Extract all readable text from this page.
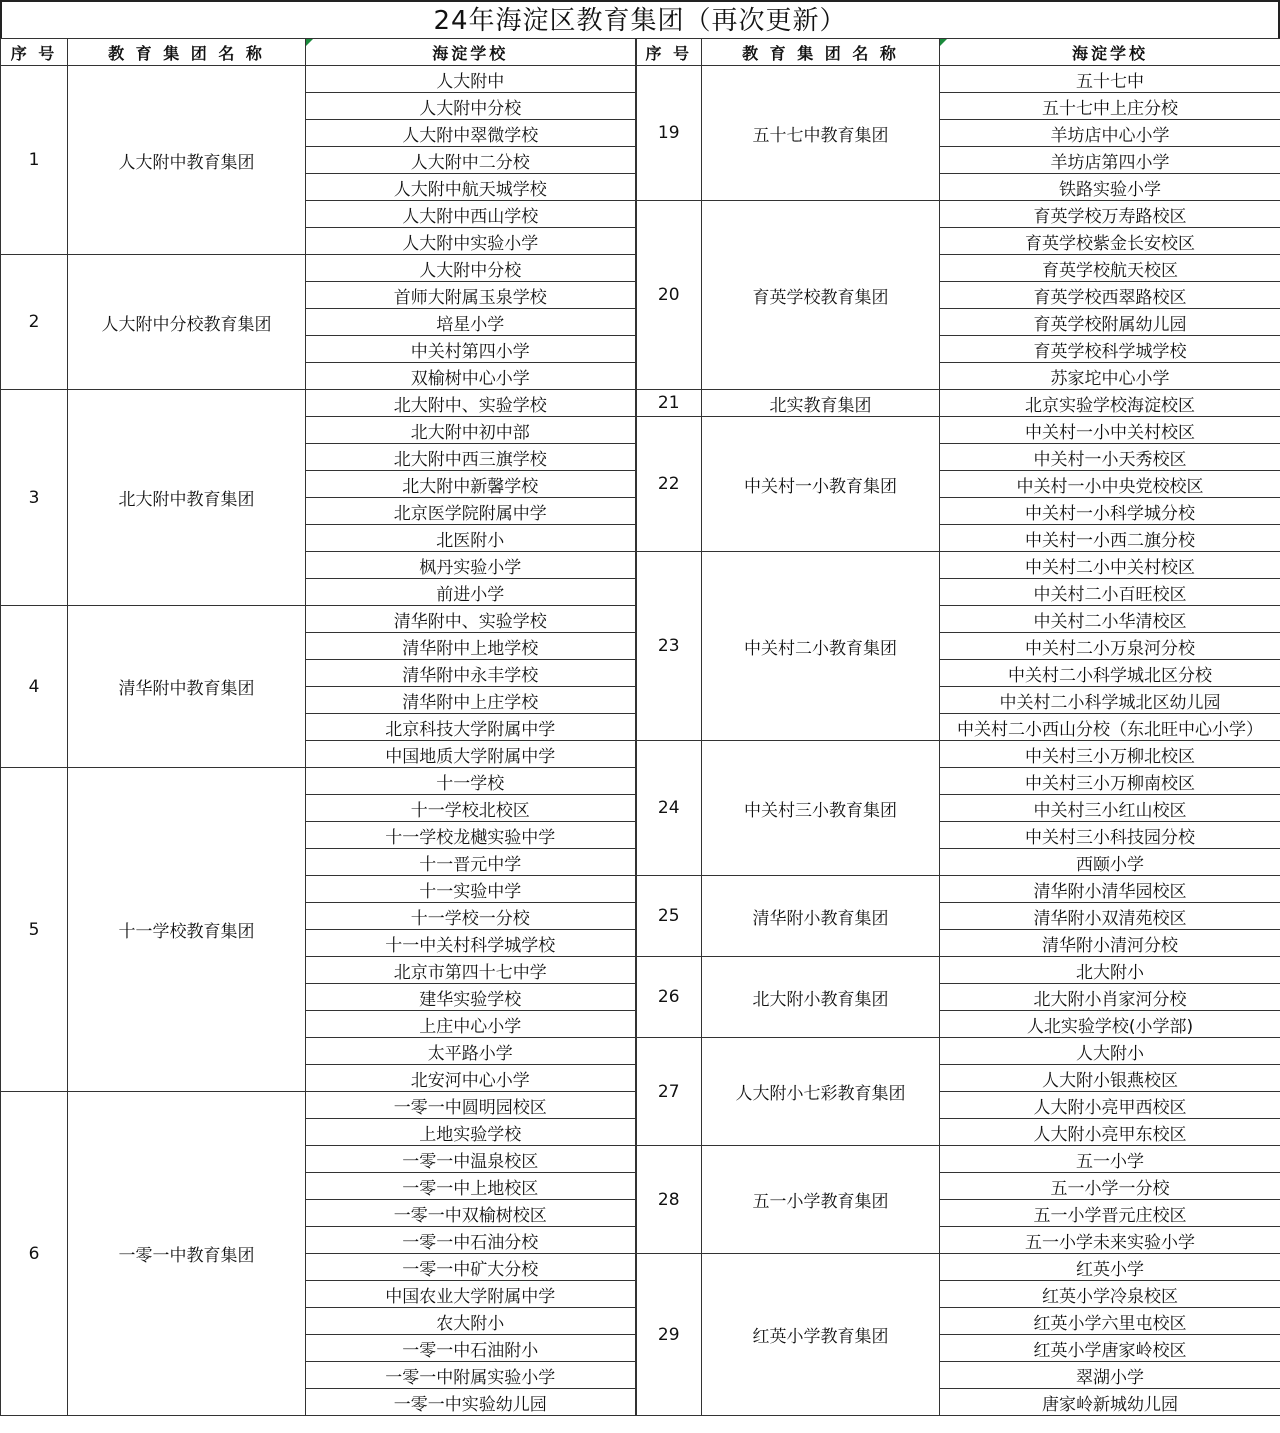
24年海淀区教育集团（再次更新）
序 号	教 育 集 团 名 称	海淀学校	序 号	教 育 集 团 名 称	海淀学校
1	人大附中教育集团	人大附中	19	五十七中教育集团	五十七中
		人大附中分校			五十七中上庄分校
		人大附中翠微学校			羊坊店中心小学
		人大附中二分校			羊坊店第四小学
		人大附中航天城学校			铁路实验小学
		人大附中西山学校	20	育英学校教育集团	育英学校万寿路校区
		人大附中实验小学			育英学校紫金长安校区
2	人大附中分校教育集团	人大附中分校			育英学校航天校区
		首师大附属玉泉学校			育英学校西翠路校区
		培星小学			育英学校附属幼儿园
		中关村第四小学			育英学校科学城学校
		双榆树中心小学			苏家坨中心小学
3	北大附中教育集团	北大附中、实验学校	21	北实教育集团	北京实验学校海淀校区
		北大附中初中部	22	中关村一小教育集团	中关村一小中关村校区
		北大附中西三旗学校			中关村一小天秀校区
		北大附中新馨学校			中关村一小中央党校校区
		北京医学院附属中学			中关村一小科学城分校
		北医附小			中关村一小西二旗分校
		枫丹实验小学	23	中关村二小教育集团	中关村二小中关村校区
		前进小学			中关村二小百旺校区
4	清华附中教育集团	清华附中、实验学校			中关村二小华清校区
		清华附中上地学校			中关村二小万泉河分校
		清华附中永丰学校			中关村二小科学城北区分校
		清华附中上庄学校			中关村二小科学城北区幼儿园
		北京科技大学附属中学			中关村二小西山分校（东北旺中心小学）
		中国地质大学附属中学	24	中关村三小教育集团	中关村三小万柳北校区
5	十一学校教育集团	十一学校			中关村三小万柳南校区
		十一学校北校区			中关村三小红山校区
		十一学校龙樾实验中学			中关村三小科技园分校
		十一晋元中学			西颐小学
		十一实验中学	25	清华附小教育集团	清华附小清华园校区
		十一学校一分校			清华附小双清苑校区
		十一中关村科学城学校			清华附小清河分校
		北京市第四十七中学	26	北大附小教育集团	北大附小
		建华实验学校			北大附小肖家河分校
		上庄中心小学			人北实验学校(小学部)
		太平路小学	27	人大附小七彩教育集团	人大附小
		北安河中心小学			人大附小银燕校区
6	一零一中教育集团	一零一中圆明园校区			人大附小亮甲西校区
		上地实验学校			人大附小亮甲东校区
		一零一中温泉校区	28	五一小学教育集团	五一小学
		一零一中上地校区			五一小学一分校
		一零一中双榆树校区			五一小学晋元庄校区
		一零一中石油分校			五一小学未来实验小学
		一零一中矿大分校	29	红英小学教育集团	红英小学
		中国农业大学附属中学			红英小学冷泉校区
		农大附小			红英小学六里屯校区
		一零一中石油附小			红英小学唐家岭校区
		一零一中附属实验小学			翠湖小学
		一零一中实验幼儿园			唐家岭新城幼儿园
